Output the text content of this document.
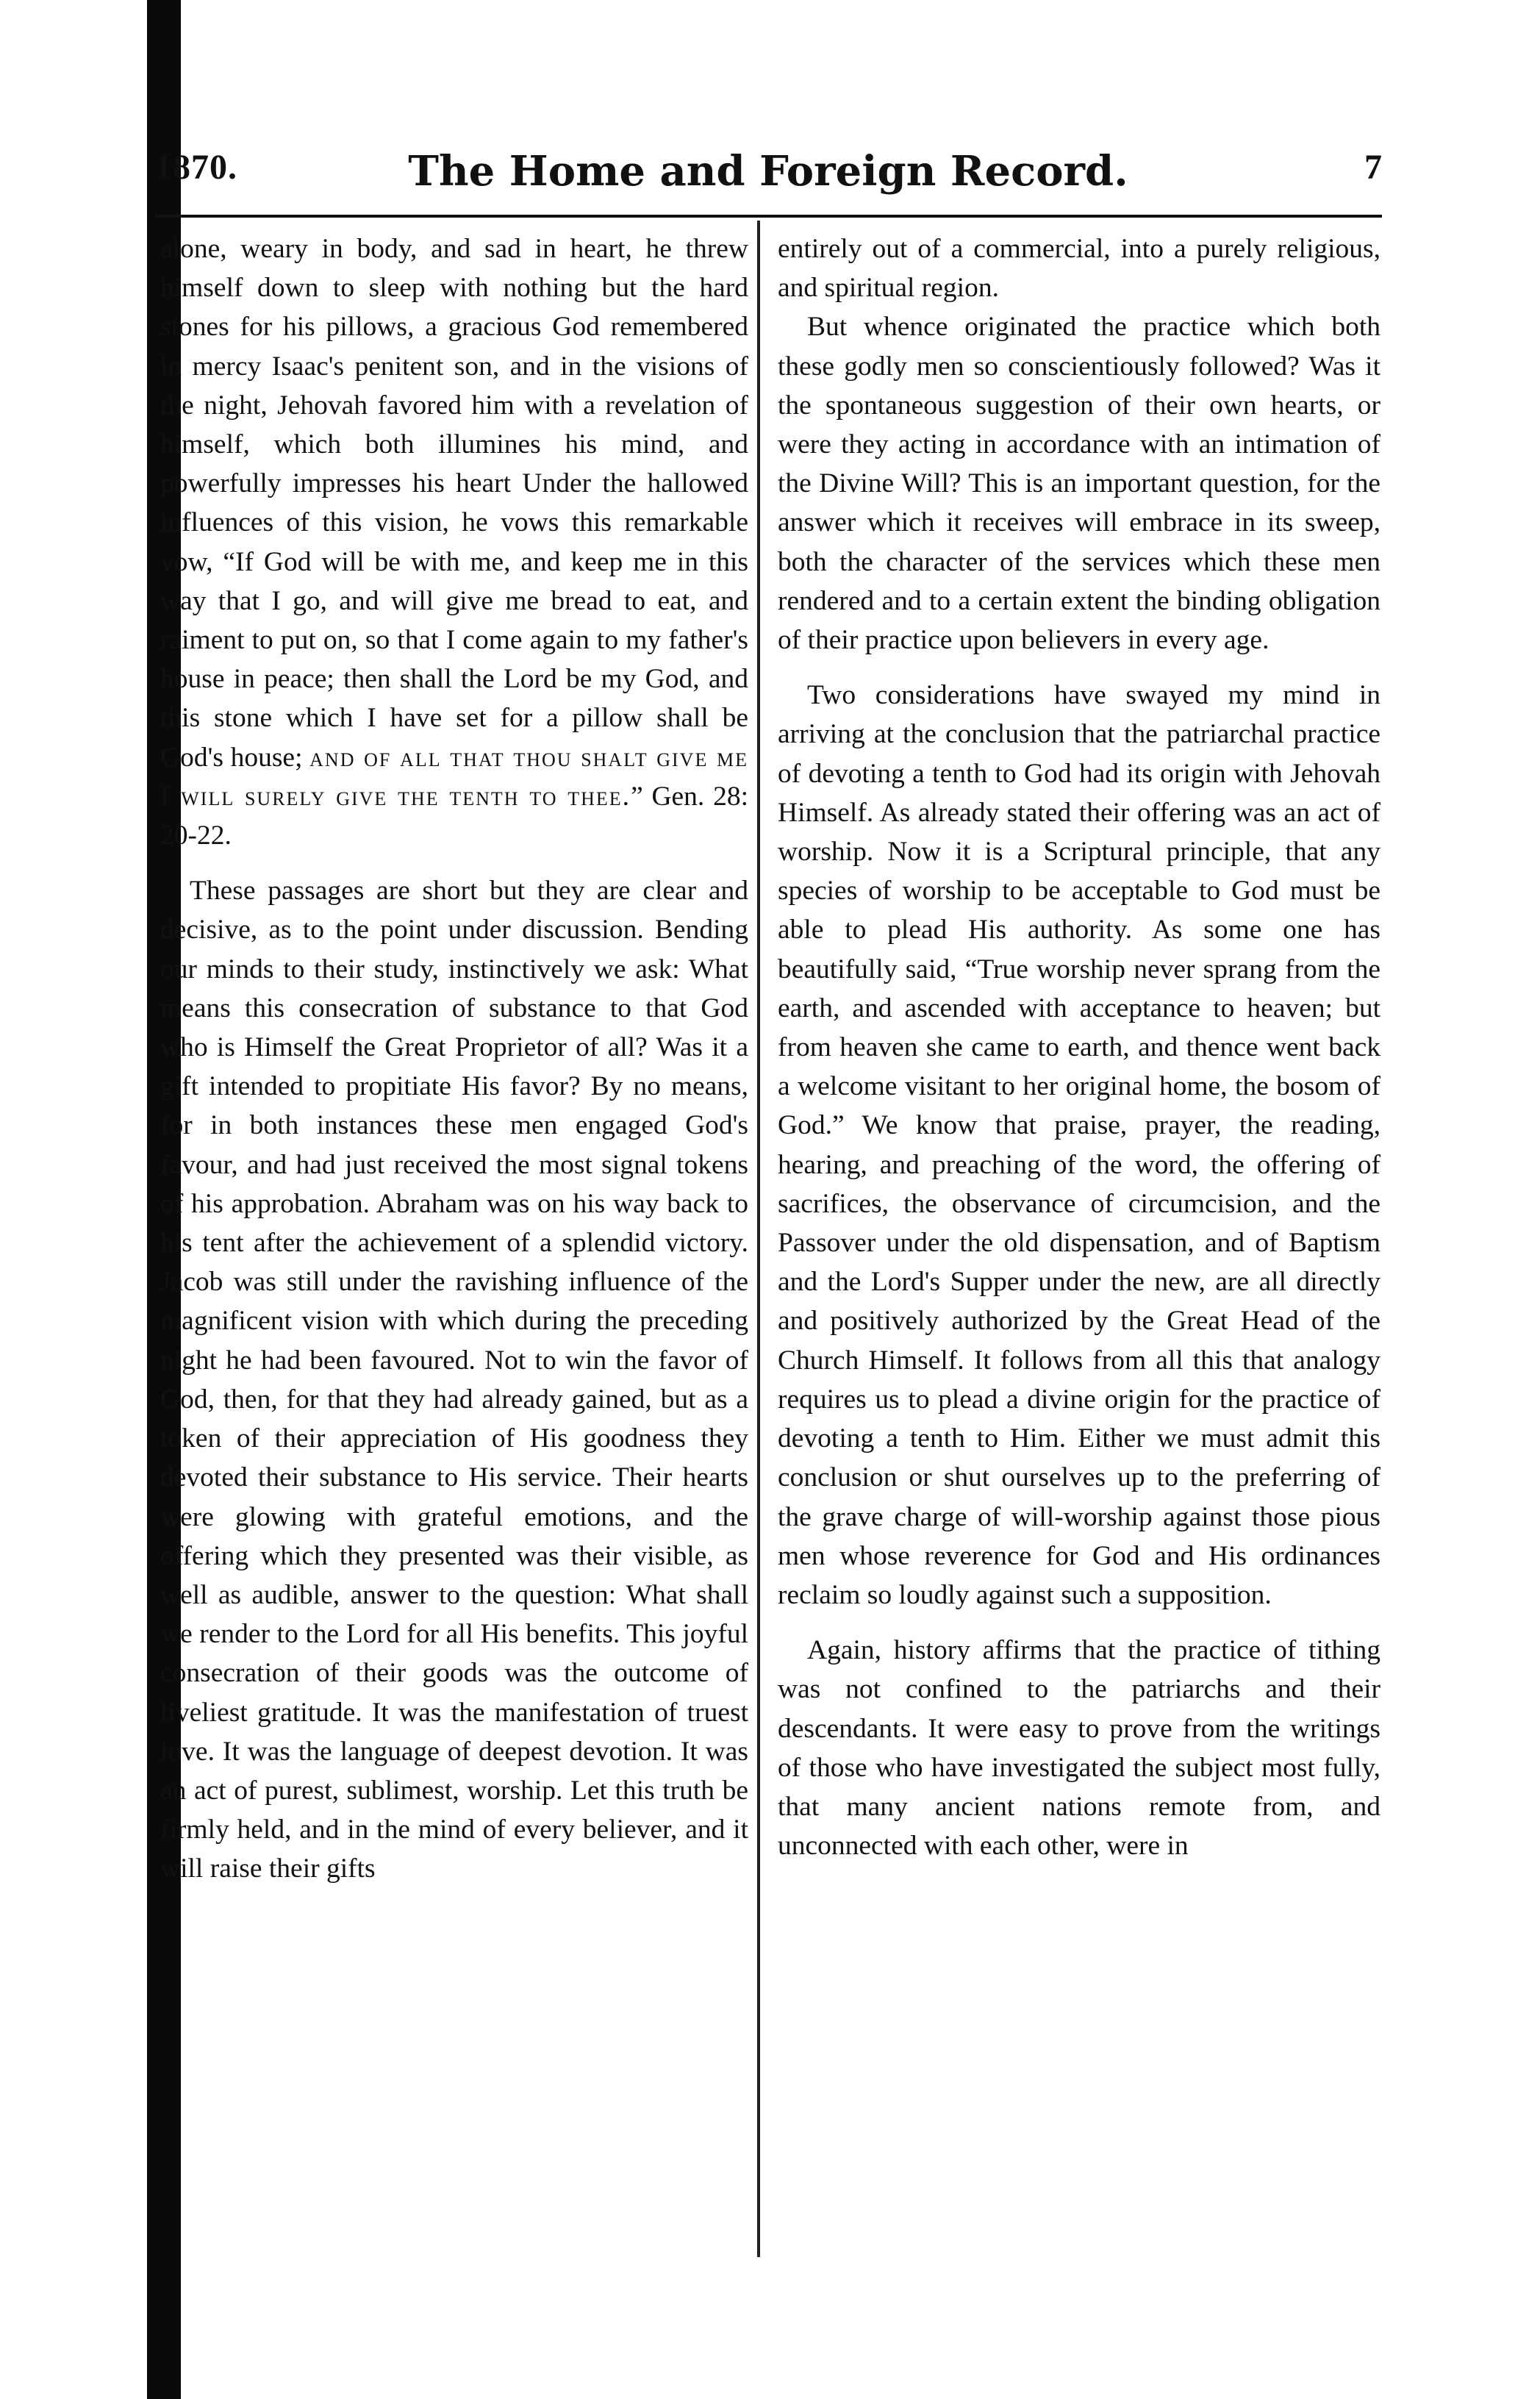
1870.	The Home and Foreign Record.	7

alone, weary in body, and sad in heart, he threw himself down to sleep with nothing but the hard stones for his pillows, a gracious God remembered in mercy Isaac's penitent son, and in the visions of the night, Jehovah favored him with a revelation of himself, which both illumines his mind, and powerfully impresses his heart Under the hallowed influences of this vision, he vows this remarkable vow, “If God will be with me, and keep me in this way that I go, and will give me bread to eat, and raiment to put on, so that I come again to my father's house in peace; then shall the Lord be my God, and this stone which I have set for a pillow shall be God's house; and of all that thou shalt give me I will surely give the tenth to thee.” Gen. 28: 20-22.

These passages are short but they are clear and decisive, as to the point under discussion. Bending our minds to their study, instinctively we ask: What means this consecration of substance to that God who is Himself the Great Proprietor of all? Was it a gift intended to propitiate His favor? By no means, for in both instances these men engaged God's favour, and had just received the most signal tokens of his approbation. Abraham was on his way back to his tent after the achievement of a splendid victory. Jacob was still under the ravishing influence of the magnificent vision with which during the preceding night he had been favoured. Not to win the favor of God, then, for that they had already gained, but as a token of their appreciation of His goodness they devoted their substance to His service. Their hearts were glowing with grateful emotions, and the offering which they presented was their visible, as well as audible, answer to the question: What shall we render to the Lord for all His benefits. This joyful consecration of their goods was the outcome of liveliest gratitude. It was the manifestation of truest love. It was the language of deepest devotion. It was an act of purest, sublimest, worship. Let this truth be firmly held, and in the mind of every believer, and it will raise their gifts

entirely out of a commercial, into a purely religious, and spiritual region.

But whence originated the practice which both these godly men so conscientiously followed? Was it the spontaneous suggestion of their own hearts, or were they acting in accordance with an intimation of the Divine Will? This is an important question, for the answer which it receives will embrace in its sweep, both the character of the services which these men rendered and to a certain extent the binding obligation of their practice upon believers in every age.

Two considerations have swayed my mind in arriving at the conclusion that the patriarchal practice of devoting a tenth to God had its origin with Jehovah Himself. As already stated their offering was an act of worship. Now it is a Scriptural principle, that any species of worship to be acceptable to God must be able to plead His authority. As some one has beautifully said, “True worship never sprang from the earth, and ascended with acceptance to heaven; but from heaven she came to earth, and thence went back a welcome visitant to her original home, the bosom of God.” We know that praise, prayer, the reading, hearing, and preaching of the word, the offering of sacrifices, the observance of circumcision, and the Passover under the old dispensation, and of Baptism and the Lord's Supper under the new, are all directly and positively authorized by the Great Head of the Church Himself. It follows from all this that analogy requires us to plead a divine origin for the practice of devoting a tenth to Him. Either we must admit this conclusion or shut ourselves up to the preferring of the grave charge of will-worship against those pious men whose reverence for God and His ordinances reclaim so loudly against such a supposition.

Again, history affirms that the practice of tithing was not confined to the patriarchs and their descendants. It were easy to prove from the writings of those who have investigated the subject most fully, that many ancient nations remote from, and unconnected with each other, were in
